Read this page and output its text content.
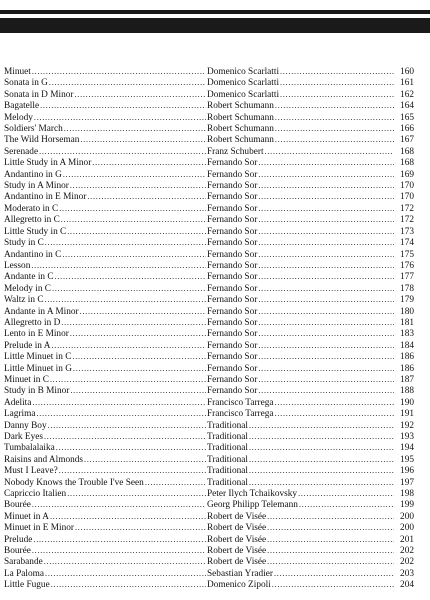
Minuet . . .	Domenico Scarlatti . . .	160
Sonata in G . . .	Domenico Scarlatti . . .	161
Sonata in D Minor . . .	Domenico Scarlatti . . .	162
Bagatelle . . .	Robert Schumann . . .	164
Melody . . .	Robert Schumann . . .	165
Soldiers' March . . .	Robert Schumann . . .	166
The Wild Horseman . . .	Robert Schumann . . .	167
Serenade . . .	Franz Schubert . . .	168
Little Study in A Minor . . .	Fernando Sor . . .	168
Andantino in G . . .	Fernando Sor . . .	169
Study in A Minor . . .	Fernando Sor . . .	170
Andantino in E Minor . . .	Fernando Sor . . .	170
Moderato in C . . .	Fernando Sor . . .	172
Allegretto in C . . .	Fernando Sor . . .	172
Little Study in C . . .	Fernando Sor . . .	173
Study in C . . .	Fernando Sor . . .	174
Andantino in C . . .	Fernando Sor . . .	175
Lesson . . .	Fernando Sor . . .	176
Andante in C . . .	Fernando Sor . . .	177
Melody in C . . .	Fernando Sor . . .	178
Waltz in C . . .	Fernando Sor . . .	179
Andante in A Minor . . .	Fernando Sor . . .	180
Allegretto in D . . .	Fernando Sor . . .	181
Lento in E Minor . . .	Fernando Sor . . .	183
Prelude in A . . .	Fernando Sor . . .	184
Little Minuet in C . . .	Fernando Sor . . .	186
Little Minuet in G . . .	Fernando Sor . . .	186
Minuet in C . . .	Fernando Sor . . .	187
Study in B Minor . . .	Fernando Sor . . .	188
Adelita . . .	Francisco Tarrega . . .	190
Lagrima . . .	Francisco Tarrega . . .	191
Danny Boy . . .	Traditional . . .	192
Dark Eyes . . .	Traditional . . .	193
Tumbalalaika . . .	Traditional . . .	194
Raisins and Almonds . . .	Traditional . . .	195
Must I Leave? . . .	Traditional . . .	196
Nobody Knows the Trouble I've Seen . . .	Traditional . . .	197
Capriccio Italien . . .	Peter Ilych Tchaikovsky . . .	198
Bourée . . .	Georg Philipp Telemann . . .	199
Minuet in A . . .	Robert de Visée . . .	200
Minuet in E Minor . . .	Robert de Visée . . .	200
Prelude . . .	Robert de Visée . . .	201
Bourée . . .	Robert de Visée . . .	202
Sarabande . . .	Robert de Visée . . .	202
La Paloma . . .	Sebastian Yradier . . .	203
Little Fugue . . .	Domenico Zipoli . . .	204
